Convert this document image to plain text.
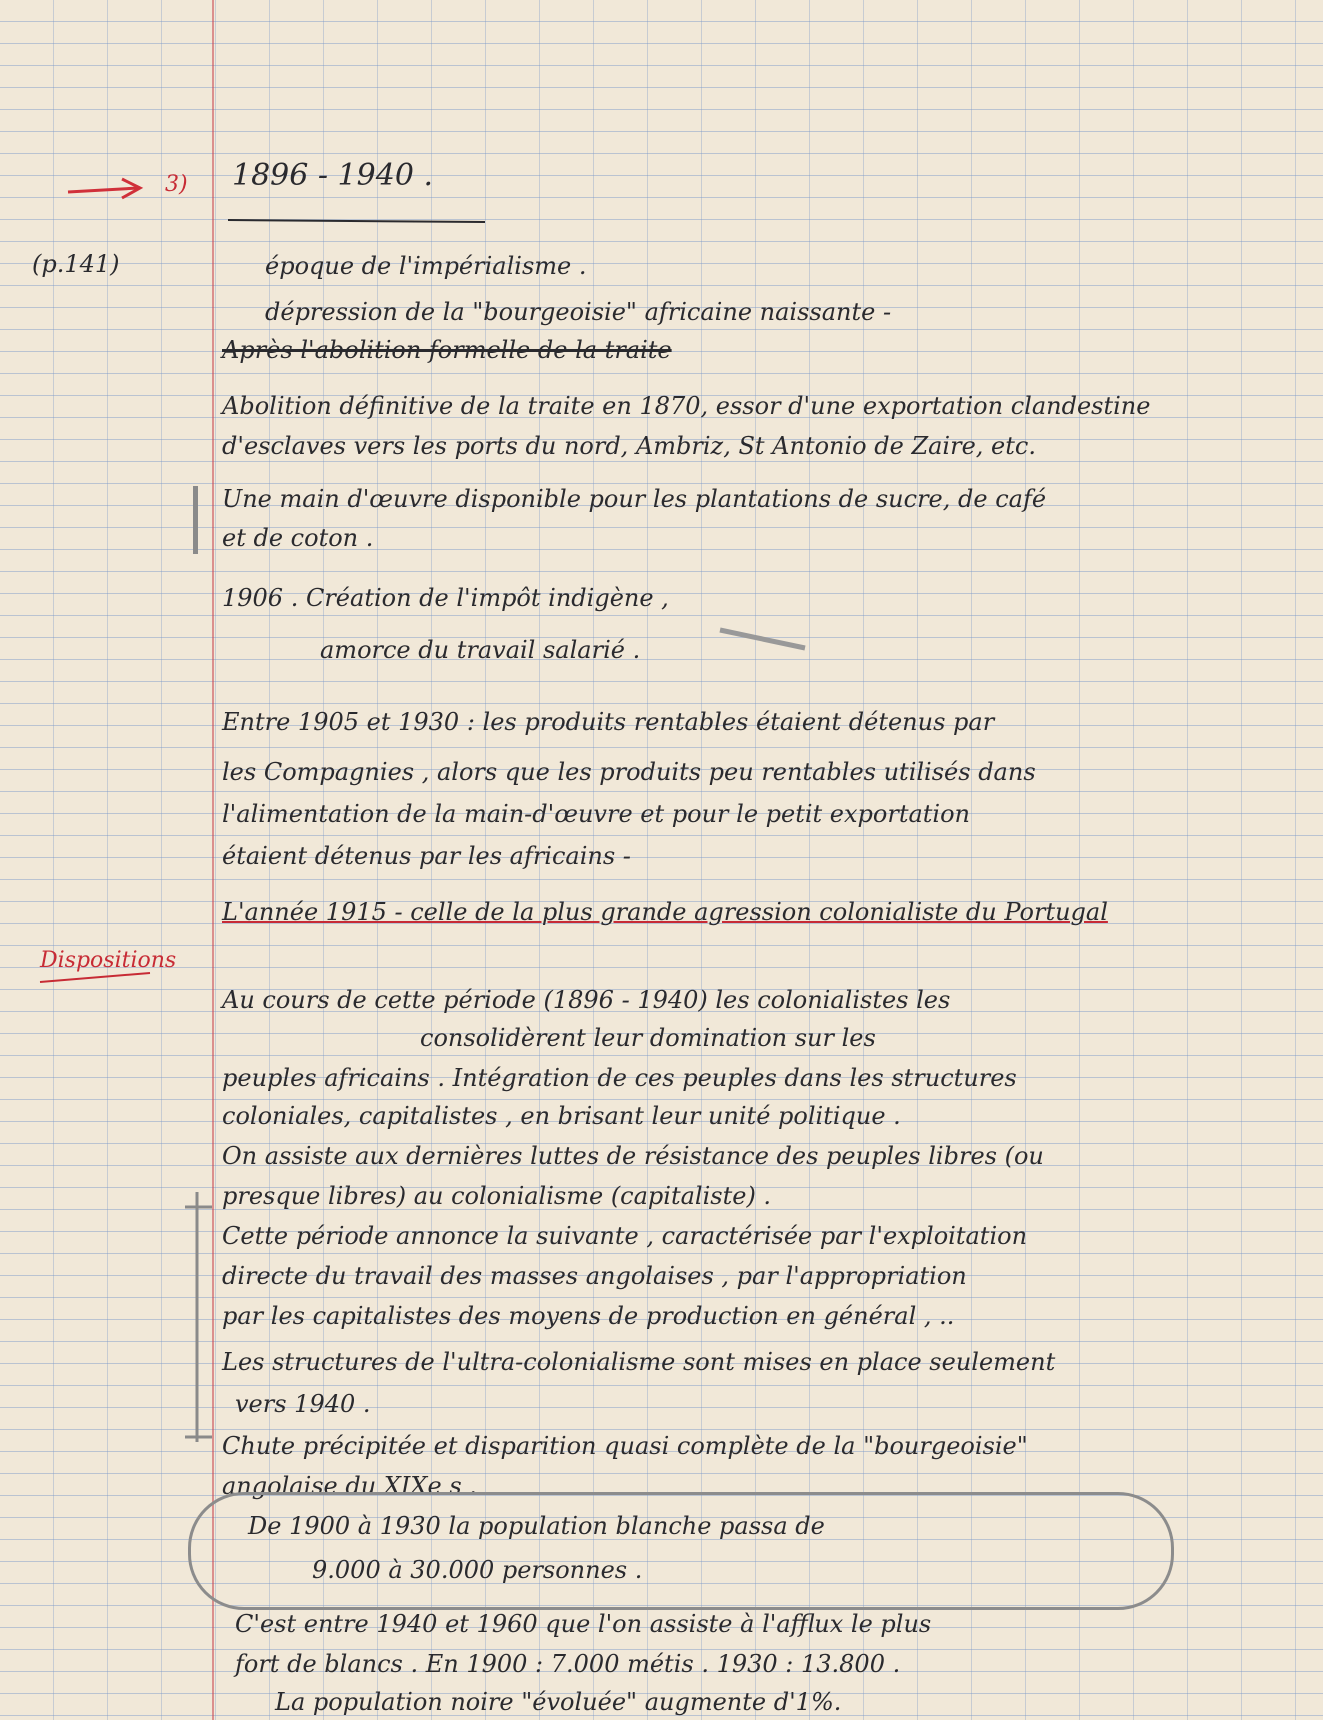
3)
(p.141)
Dispositions
1896 - 1940 .
époque de l'impérialisme .
dépression de la "bourgeoisie" africaine naissante -
Après l'abolition formelle de la traite
Abolition définitive de la traite en 1870, essor d'une exportation clandestine
d'esclaves vers les ports du nord, Ambriz, St Antonio de Zaire, etc.
Une main d'œuvre disponible pour les plantations de sucre, de café
et de coton .
1906 . Création de l'impôt indigène ,
amorce du travail salarié .
Entre 1905 et 1930 : les produits rentables étaient détenus par
les Compagnies , alors que les produits peu rentables utilisés dans
l'alimentation de la main-d'œuvre et pour le petit exportation
étaient détenus par les africains -
L'année 1915 - celle de la plus grande agression colonialiste du Portugal
Au cours de cette période (1896 - 1940) les colonialistes les
consolidèrent leur domination sur les
peuples africains . Intégration de ces peuples dans les structures
coloniales, capitalistes , en brisant leur unité politique .
On assiste aux dernières luttes de résistance des peuples libres (ou
presque libres) au colonialisme (capitaliste) .
Cette période annonce la suivante , caractérisée par l'exploitation
directe du travail des masses angolaises , par l'appropriation
par les capitalistes des moyens de production en général , ..
Les structures de l'ultra-colonialisme sont mises en place seulement
vers 1940 .
Chute précipitée et disparition quasi complète de la "bourgeoisie"
angolaise du XIXe s .
De 1900 à 1930 la population blanche passa de
9.000 à 30.000 personnes .
C'est entre 1940 et 1960 que l'on assiste à l'afflux le plus
fort de blancs . En 1900 : 7.000 métis . 1930 : 13.800 .
La population noire "évoluée" augmente d'1%.
